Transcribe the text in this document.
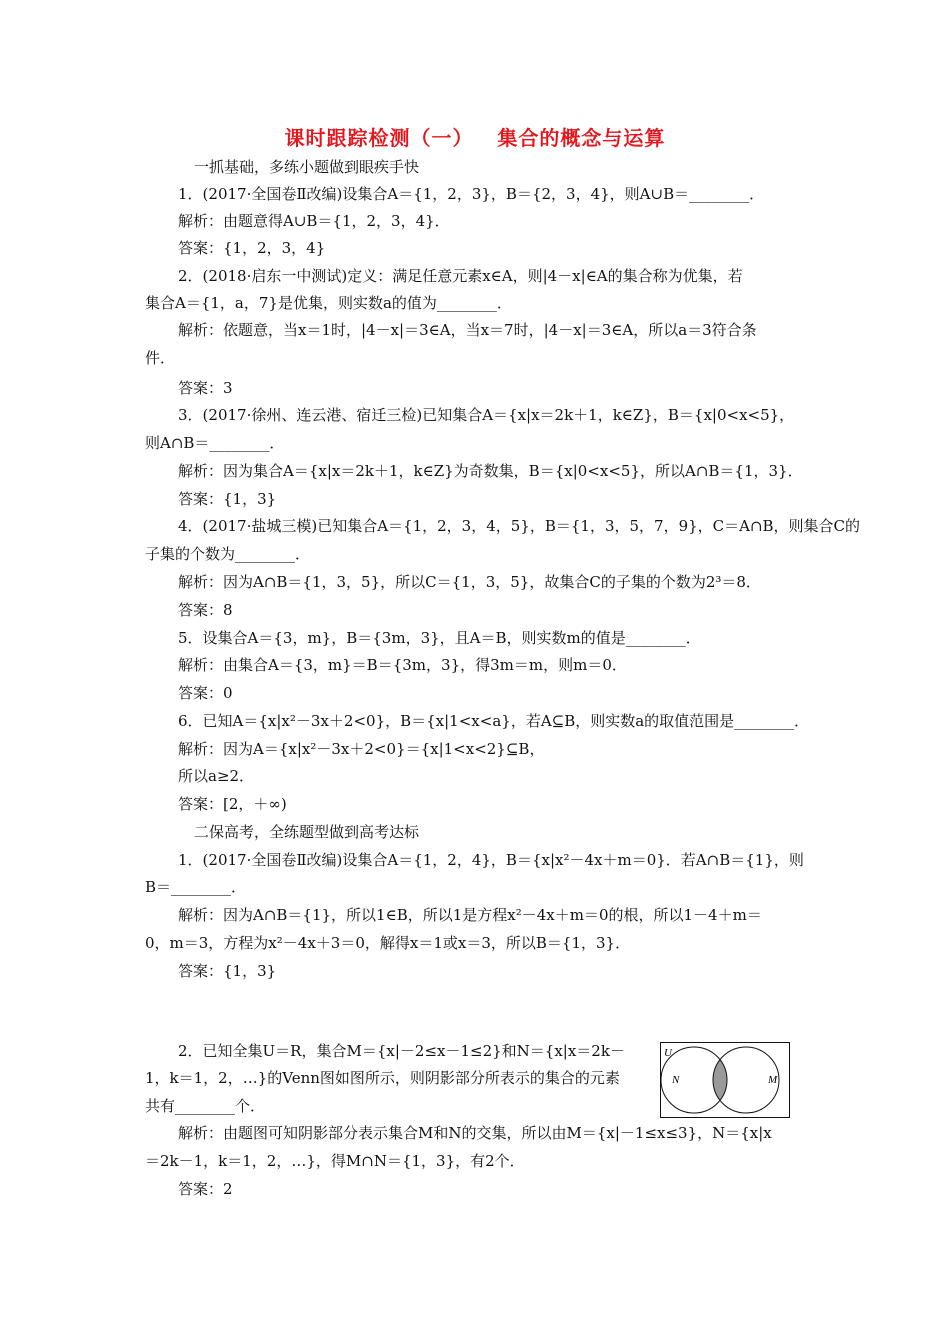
课时跟踪检测（一）   集合的概念与运算
一抓基础，多练小题做到眼疾手快
1．(2017·全国卷Ⅱ改编)设集合A＝{1，2，3}，B＝{2，3，4}，则A∪B＝________．
解析：由题意得A∪B＝{1，2，3，4}．
答案：{1，2，3，4}
2．(2018·启东一中测试)定义：满足任意元素x∈A，则|4－x|∈A的集合称为优集，若
集合A＝{1，a，7}是优集，则实数a的值为________．
解析：依题意，当x＝1时，|4－x|＝3∈A，当x＝7时，|4－x|＝3∈A，所以a＝3符合条
件．
答案：3
3．(2017·徐州、连云港、宿迁三检)已知集合A＝{x|x＝2k＋1，k∈Z}，B＝{x|0<x<5}，
则A∩B＝________．
解析：因为集合A＝{x|x＝2k＋1，k∈Z}为奇数集，B＝{x|0<x<5}，所以A∩B＝{1，3}．
答案：{1，3}
4．(2017·盐城三模)已知集合A＝{1，2，3，4，5}，B＝{1，3，5，7，9}，C＝A∩B，则集合C的
子集的个数为________．
解析：因为A∩B＝{1，3，5}，所以C＝{1，3，5}，故集合C的子集的个数为2³＝8．
答案：8
5．设集合A＝{3，m}，B＝{3m，3}，且A＝B，则实数m的值是________．
解析：由集合A＝{3，m}＝B＝{3m，3}，得3m＝m，则m＝0．
答案：0
6．已知A＝{x|x²－3x＋2<0}，B＝{x|1<x<a}，若A⊆B，则实数a的取值范围是________．
解析：因为A＝{x|x²－3x＋2<0}＝{x|1<x<2}⊆B，
所以a≥2．
答案：[2，＋∞)
二保高考，全练题型做到高考达标
1．(2017·全国卷Ⅱ改编)设集合A＝{1，2，4}，B＝{x|x²－4x＋m＝0}．若A∩B＝{1}，则
B＝________．
解析：因为A∩B＝{1}，所以1∈B，所以1是方程x²－4x＋m＝0的根，所以1－4＋m＝
0，m＝3，方程为x²－4x＋3＝0，解得x＝1或x＝3，所以B＝{1，3}．
答案：{1，3}
2．已知全集U＝R，集合M＝{x|－2≤x－1≤2}和N＝{x|x＝2k－
1，k＝1，2，…}的Venn图如图所示，则阴影部分所表示的集合的元素
共有________个．
解析：由题图可知阴影部分表示集合M和N的交集，所以由M＝{x|－1≤x≤3}，N＝{x|x
＝2k－1，k＝1，2，…}，得M∩N＝{1，3}，有2个．
答案：2
U
N	M
